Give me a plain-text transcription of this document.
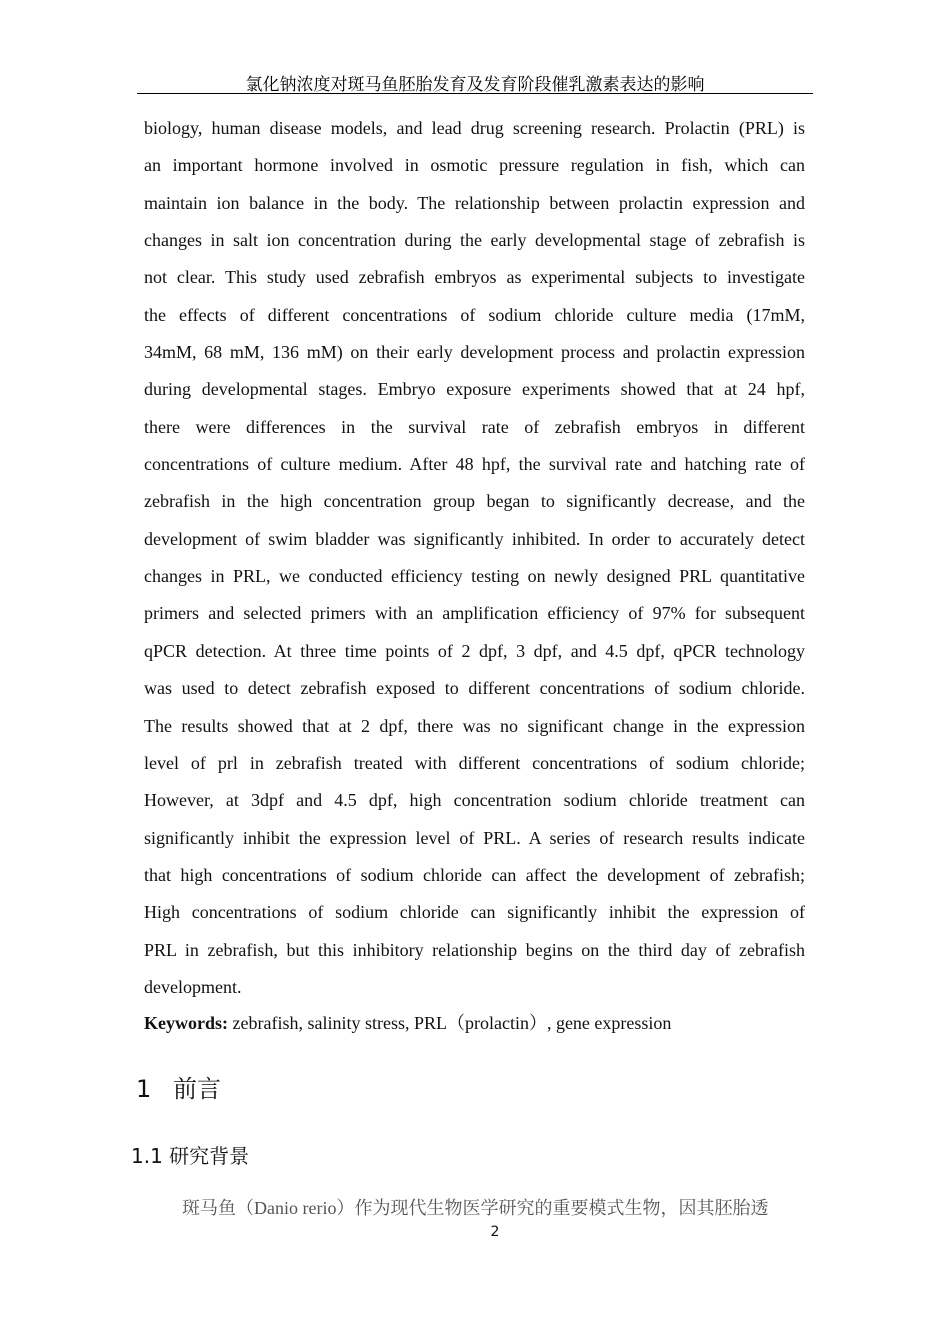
氯化钠浓度对斑马鱼胚胎发育及发育阶段催乳激素表达的影响
biology, human disease models, and lead drug screening research. Prolactin (PRL) is
an important hormone involved in osmotic pressure regulation in fish, which can
maintain ion balance in the body. The relationship between prolactin expression and
changes in salt ion concentration during the early developmental stage of zebrafish is
not clear. This study used zebrafish embryos as experimental subjects to investigate
the effects of different concentrations of sodium chloride culture media (17mM,
34mM, 68 mM, 136 mM) on their early development process and prolactin expression
during developmental stages. Embryo exposure experiments showed that at 24 hpf,
there were differences in the survival rate of zebrafish embryos in different
concentrations of culture medium. After 48 hpf, the survival rate and hatching rate of
zebrafish in the high concentration group began to significantly decrease, and the
development of swim bladder was significantly inhibited. In order to accurately detect
changes in PRL, we conducted efficiency testing on newly designed PRL quantitative
primers and selected primers with an amplification efficiency of 97% for subsequent
qPCR detection. At three time points of 2 dpf, 3 dpf, and 4.5 dpf, qPCR technology
was used to detect zebrafish exposed to different concentrations of sodium chloride.
The results showed that at 2 dpf, there was no significant change in the expression
level of prl in zebrafish treated with different concentrations of sodium chloride;
However, at 3dpf and 4.5 dpf, high concentration sodium chloride treatment can
significantly inhibit the expression level of PRL. A series of research results indicate
that high concentrations of sodium chloride can affect the development of zebrafish;
High concentrations of sodium chloride can significantly inhibit the expression of
PRL in zebrafish, but this inhibitory relationship begins on the third day of zebrafish
development.
Keywords: zebrafish, salinity stress, PRL（prolactin）, gene expression
1 前言
1.1 研究背景
斑马鱼（Danio rerio）作为现代生物医学研究的重要模式生物，因其胚胎透
2
